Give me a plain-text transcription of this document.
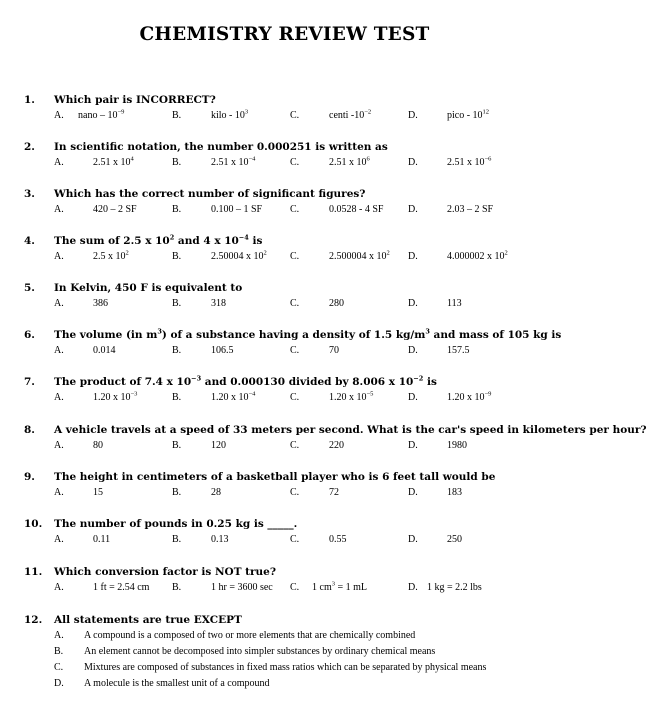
CHEMISTRY REVIEW TEST
1. Which pair is INCORRECT?
A. nano – $10^{-9}$	B.	kilo - $10^3$	C.	centi $-10^{-2}$	D.	pico - $10^{12}$
2. In scientific notation, the number 0.000251 is written as
A.	2.51 x $10^4$	B.	2.51 x $10^{-4}$	C.	2.51 x $10^6$	D.	2.51 x $10^{-6}$
3. Which has the correct number of significant figures?
A.	420 – 2 SF	B.	0.100 – 1 SF	C.	0.0528 - 4 SF D.	2.03 – 2 SF
4. The sum of 2.5 x $10^2$ and 4 x $10^{-4}$ is
A.	2.5 x $10^2$	B.	2.50004 x $10^2$ C.	2.500004 x $10^2$ D.	4.000002 x $10^2$
5. In Kelvin, 450 F is equivalent to
A.	386	B.	318	C.	280	D.	113
6. The volume (in $m^3$) of a substance having a density of 1.5 $kg/m^3$ and mass of 105 kg is
A.	0.014	B.	106.5	C.	70	D.	157.5
7. The product of 7.4 x $10^{-3}$ and 0.000130 divided by 8.006 x $10^{-2}$ is
A.	1.20 x $10^{-3}$	B.	1.20 x $10^{-4}$	C.	1.20 x $10^{-5}$	D.	1.20 x $10^{-9}$
8. A vehicle travels at a speed of 33 meters per second. What is the car's speed in kilometers per hour?
A.	80	B.	120	C.	220	D.	1980
9. The height in centimeters of a basketball player who is 6 feet tall would be
A.	15	B.	28	C.	72	D.	183
10. The number of pounds in 0.25 kg is _____.
A.	0.11	B.	0.13	C.	0.55	D.	250
11. Which conversion factor is NOT true?
A.	1 ft = 2.54 cm B.	1 hr = 3600 sec C. 1 $cm^3 = 1$ mL	D. 1 kg = 2.2 lbs
12. All statements are true EXCEPT
A. A compound is a composed of two or more elements that are chemically combined
B. An element cannot be decomposed into simpler substances by ordinary chemical means
C. Mixtures are composed of substances in fixed mass ratios which can be separated by physical means
D. A molecule is the smallest unit of a compound
